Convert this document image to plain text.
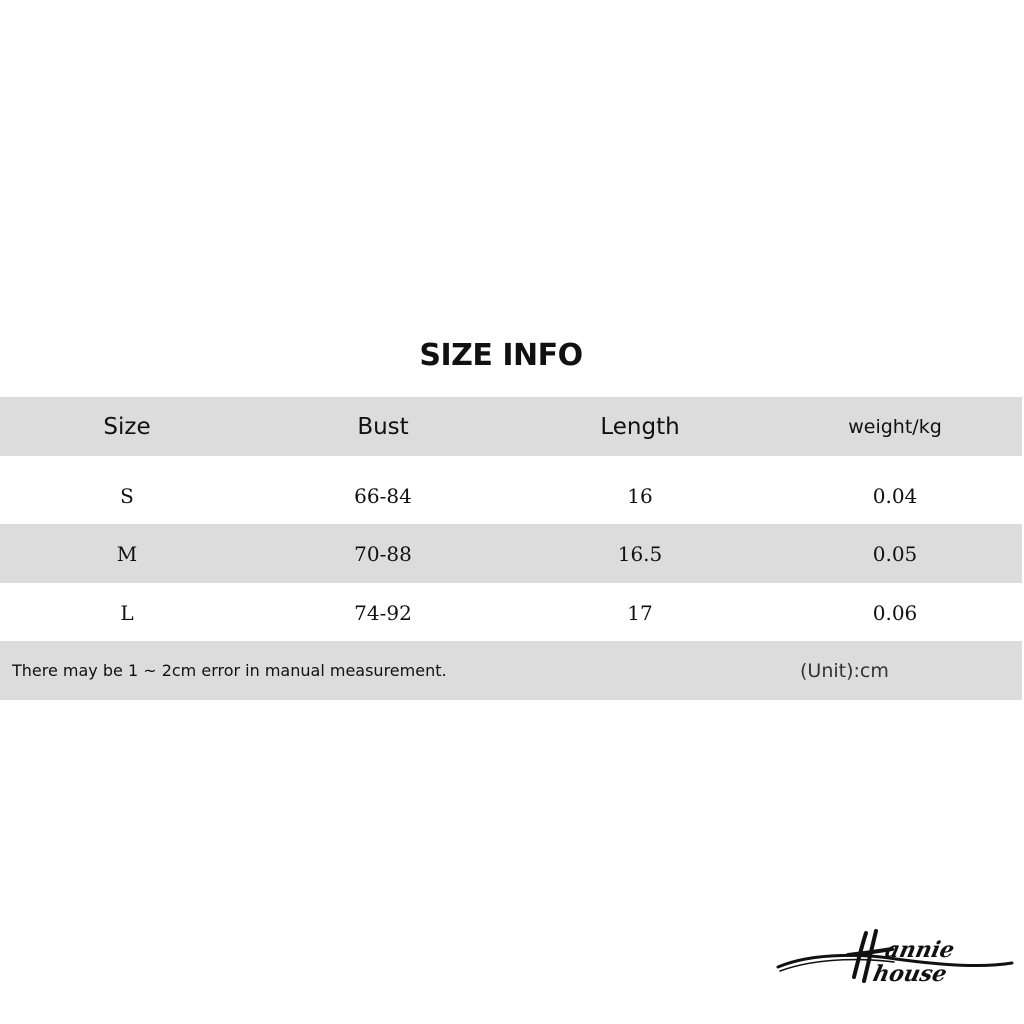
SIZE INFO
Size	Bust	Length	weight/kg
S	66-84	16	0.04
M	70-88	16.5	0.05
L	74-92	17	0.06
There may be 1 ~ 2cm error in manual measurement.	(Unit):cm
annie
house
